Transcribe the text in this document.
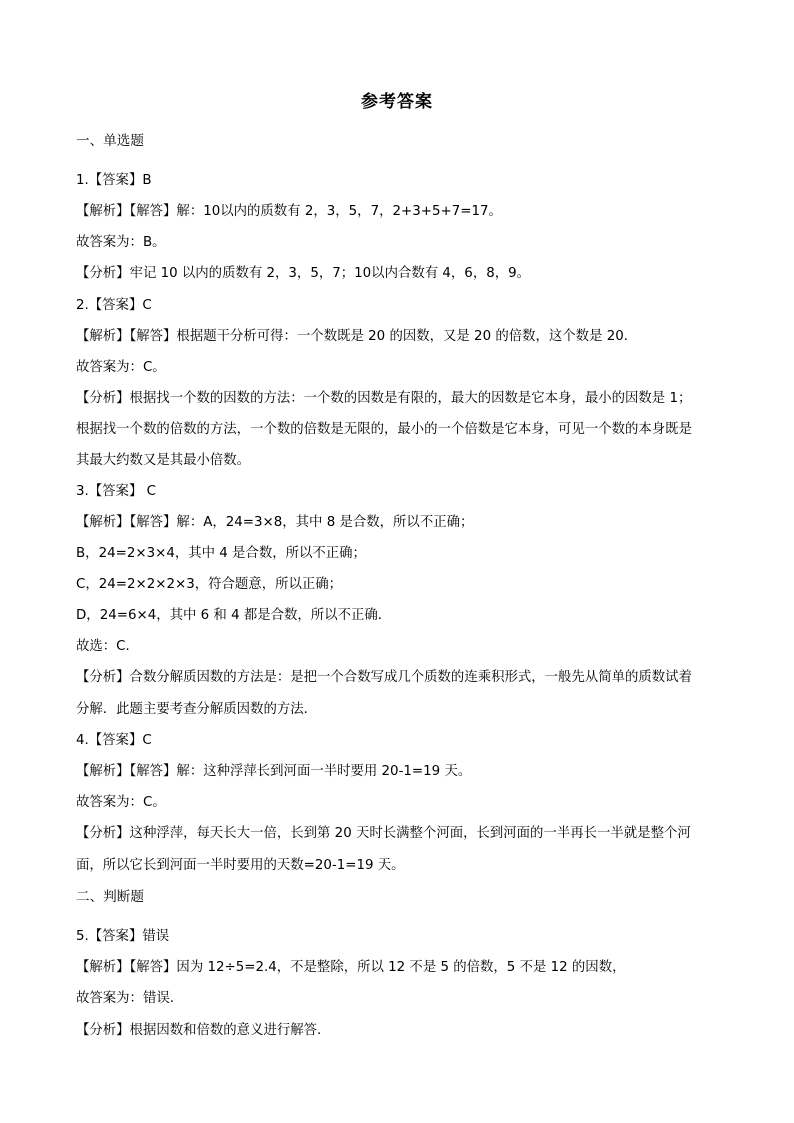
参考答案
一、单选题
1.【答案】B
【解析】【解答】解：10以内的质数有 2，3，5，7，2+3+5+7=17。
故答案为：B。
【分析】牢记 10 以内的质数有 2，3，5，7；10以内合数有 4，6，8，9。
2.【答案】C
【解析】【解答】根据题干分析可得：一个数既是 20 的因数，又是 20 的倍数，这个数是 20．
故答案为：C。
【分析】根据找一个数的因数的方法：一个数的因数是有限的，最大的因数是它本身，最小的因数是 1；
根据找一个数的倍数的方法，一个数的倍数是无限的，最小的一个倍数是它本身，可见一个数的本身既是
其最大约数又是其最小倍数。
3.【答案】 C
【解析】【解答】解：A，24=3×8，其中 8 是合数，所以不正确；
B，24=2×3×4，其中 4 是合数，所以不正确；
C，24=2×2×2×3，符合题意，所以正确；
D，24=6×4，其中 6 和 4 都是合数，所以不正确．
故选：C．
【分析】合数分解质因数的方法是：是把一个合数写成几个质数的连乘积形式，一般先从简单的质数试着
分解．此题主要考查分解质因数的方法．
4.【答案】C
【解析】【解答】解：这种浮萍长到河面一半时要用 20-1=19 天。
故答案为：C。
【分析】这种浮萍，每天长大一倍，长到第 20 天时长满整个河面，长到河面的一半再长一半就是整个河
面，所以它长到河面一半时要用的天数=20-1=19 天。
二、判断题
5.【答案】错误
【解析】【解答】因为 12÷5=2.4，不是整除，所以 12 不是 5 的倍数，5 不是 12 的因数，
故答案为：错误.
【分析】根据因数和倍数的意义进行解答.
